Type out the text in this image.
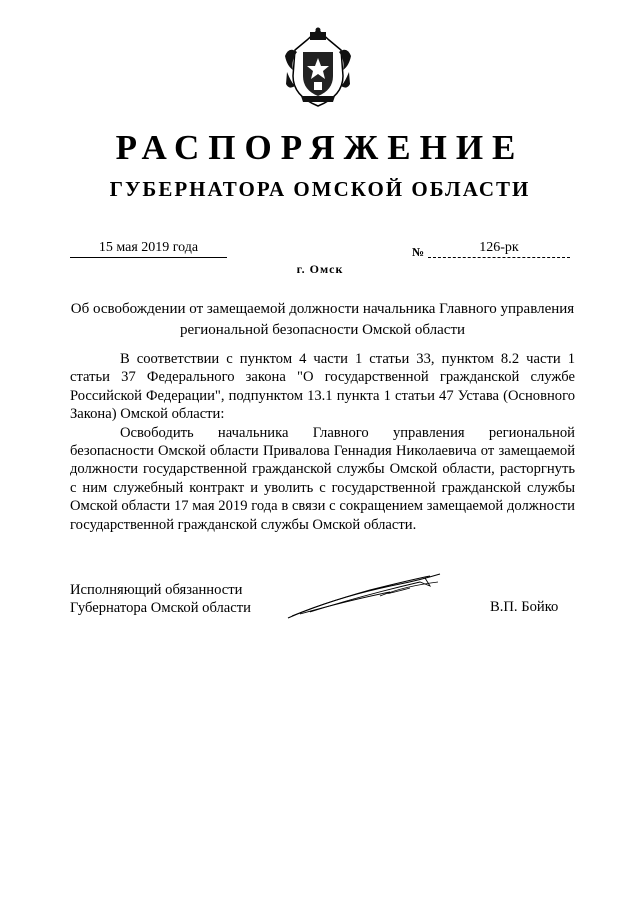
РАСПОРЯЖЕНИЕ
ГУБЕРНАТОРА ОМСКОЙ ОБЛАСТИ
15 мая 2019 года	№	126-рк
г. Омск
Об освобождении от замещаемой должности начальника Главного управления региональной безопасности Омской области

В соответствии с пунктом 4 части 1 статьи 33, пунктом 8.2 части 1 статьи 37 Федерального закона "О государственной гражданской службе Российской Федерации", подпунктом 13.1 пункта 1 статьи 47 Устава (Основного Закона) Омской области:

Освободить начальника Главного управления региональной безопасности Омской области Привалова Геннадия Николаевича от замещаемой должности государственной гражданской службы Омской области, расторгнуть с ним служебный контракт и уволить с государственной гражданской службы Омской области 17 мая 2019 года в связи с сокращением замещаемой должности государственной гражданской службы Омской области.

Исполняющий обязанности
Губернатора Омской области	В.П. Бойко
